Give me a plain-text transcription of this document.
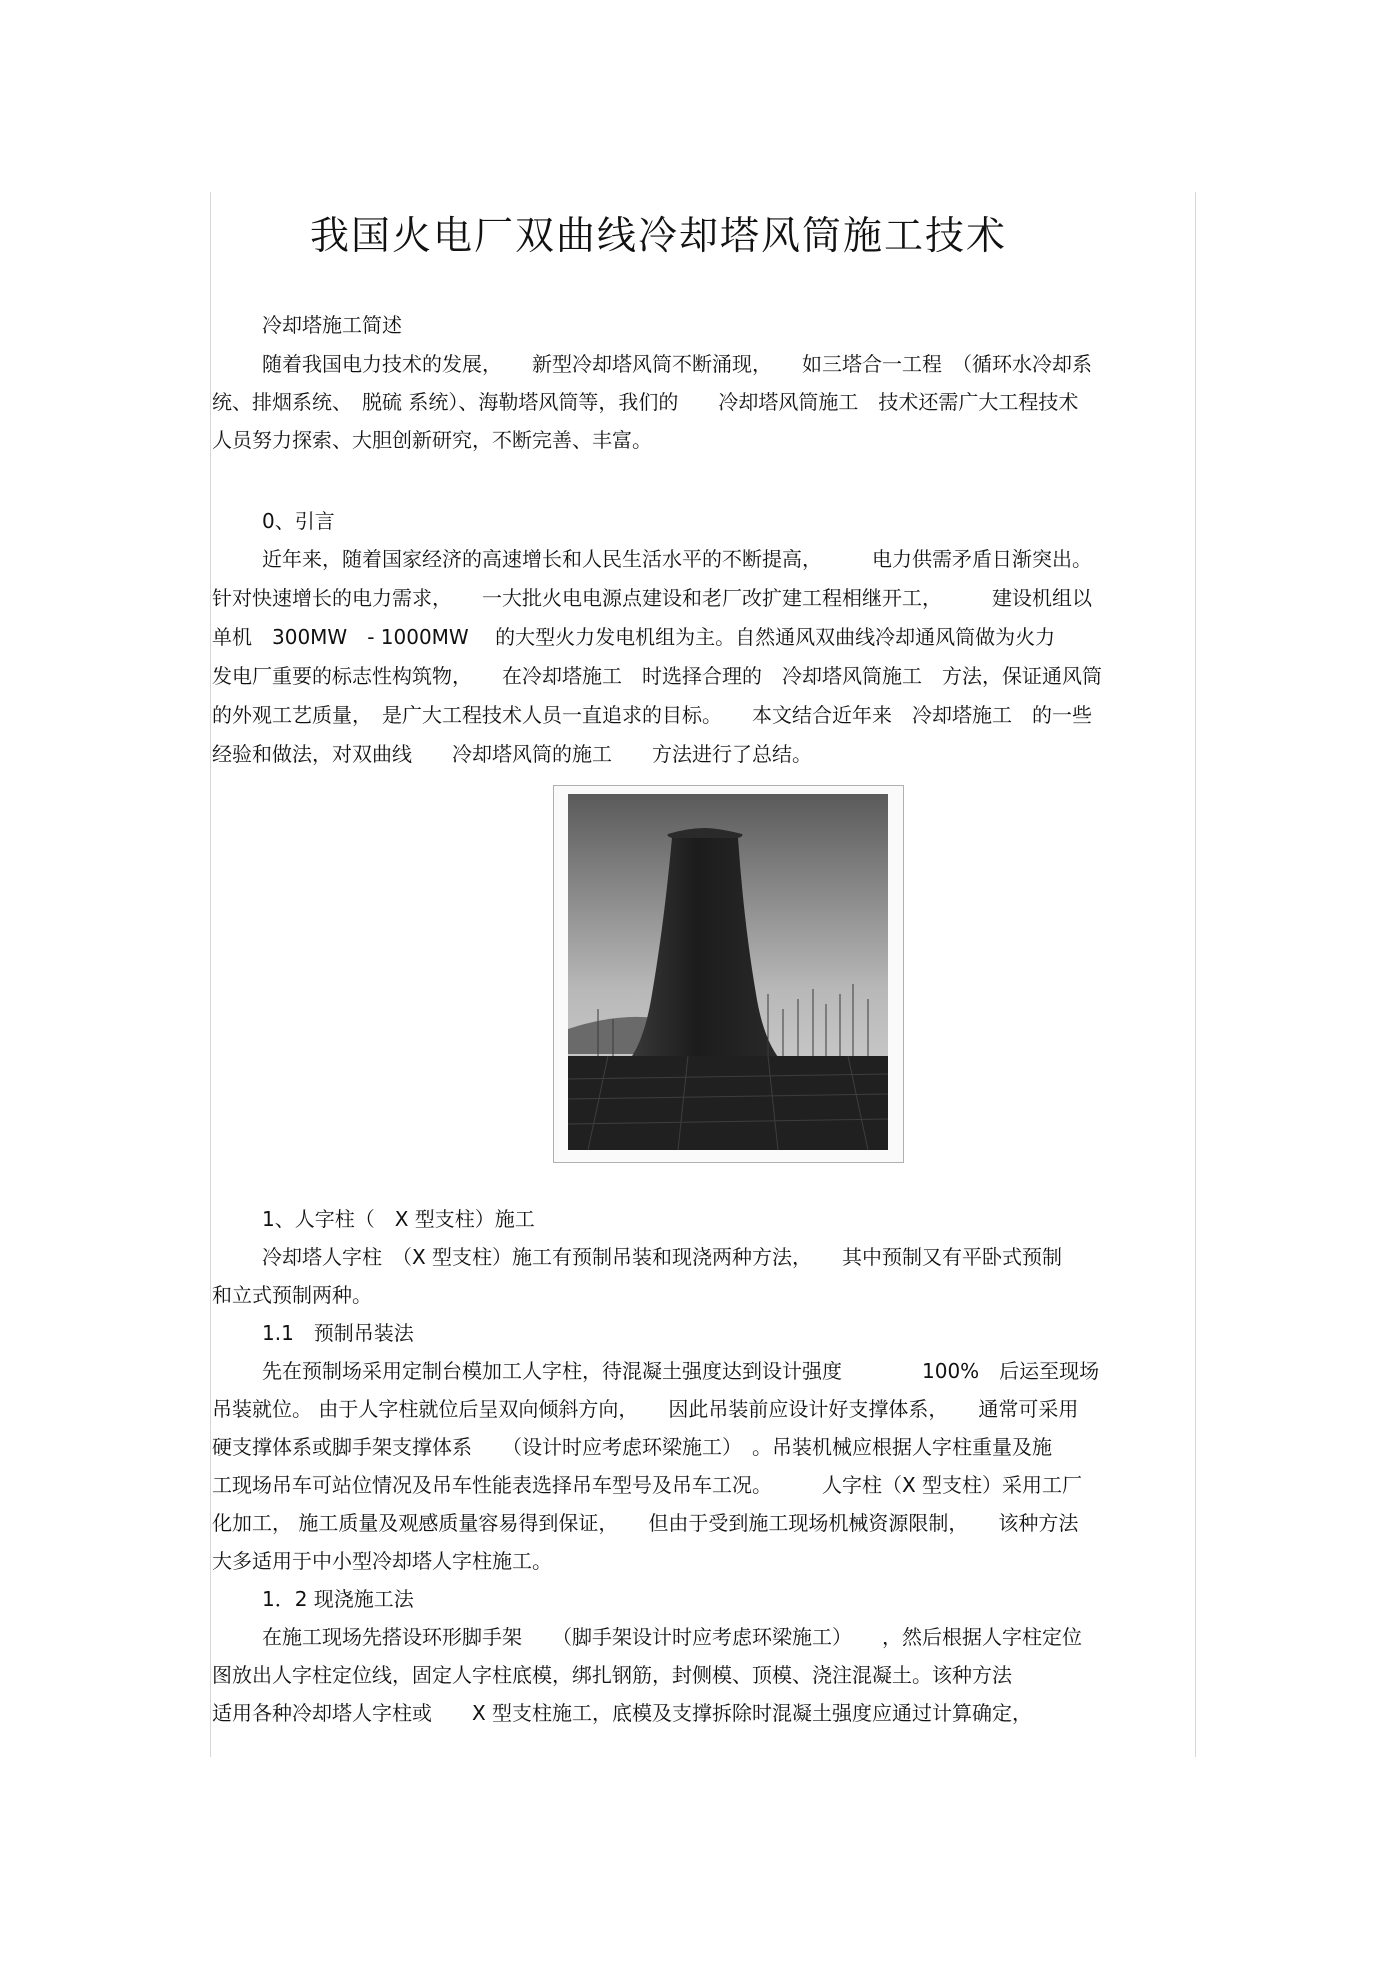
我国火电厂双曲线冷却塔风筒施工技术
冷却塔施工简述
随着我国电力技术的发展，　　新型冷却塔风筒不断涌现，　　如三塔合一工程　（循环水冷却系
统、排烟系统、　脱硫 系统）、海勒塔风筒等，我们的　　冷却塔风筒施工　技术还需广大工程技术
人员努力探索、大胆创新研究，不断完善、丰富。
0、引言
近年来，随着国家经济的高速增长和人民生活水平的不断提高，　　　电力供需矛盾日渐突出。
针对快速增长的电力需求，　　一大批火电电源点建设和老厂改扩建工程相继开工，　　　建设机组以
单机　300MW　- 1000MW　 的大型火力发电机组为主。自然通风双曲线冷却通风筒做为火力
发电厂重要的标志性构筑物，　　在冷却塔施工　时选择合理的　冷却塔风筒施工　方法，保证通风筒
的外观工艺质量，　是广大工程技术人员一直追求的目标。　　本文结合近年来　冷却塔施工　的一些
经验和做法，对双曲线　　冷却塔风筒的施工　　方法进行了总结。
1、人字柱（　X 型支柱）施工
冷却塔人字柱　（X 型支柱）施工有预制吊装和现浇两种方法，　　其中预制又有平卧式预制
和立式预制两种。
1.1　预制吊装法
先在预制场采用定制台模加工人字柱，待混凝土强度达到设计强度　　　　100%　后运至现场
吊装就位。 由于人字柱就位后呈双向倾斜方向，　　因此吊装前应设计好支撑体系，　　通常可采用
硬支撑体系或脚手架支撑体系　　（设计时应考虑环梁施工）　。吊装机械应根据人字柱重量及施
工现场吊车可站位情况及吊车性能表选择吊车型号及吊车工况。　　　人字柱（X 型支柱）采用工厂
化加工， 施工质量及观感质量容易得到保证，　　但由于受到施工现场机械资源限制，　　该种方法
大多适用于中小型冷却塔人字柱施工。
1．2 现浇施工法
在施工现场先搭设环形脚手架　　（脚手架设计时应考虑环梁施工）　　，然后根据人字柱定位
图放出人字柱定位线，固定人字柱底模，绑扎钢筋，封侧模、顶模、浇注混凝土。该种方法
适用各种冷却塔人字柱或　　X 型支柱施工，底模及支撑拆除时混凝土强度应通过计算确定，
